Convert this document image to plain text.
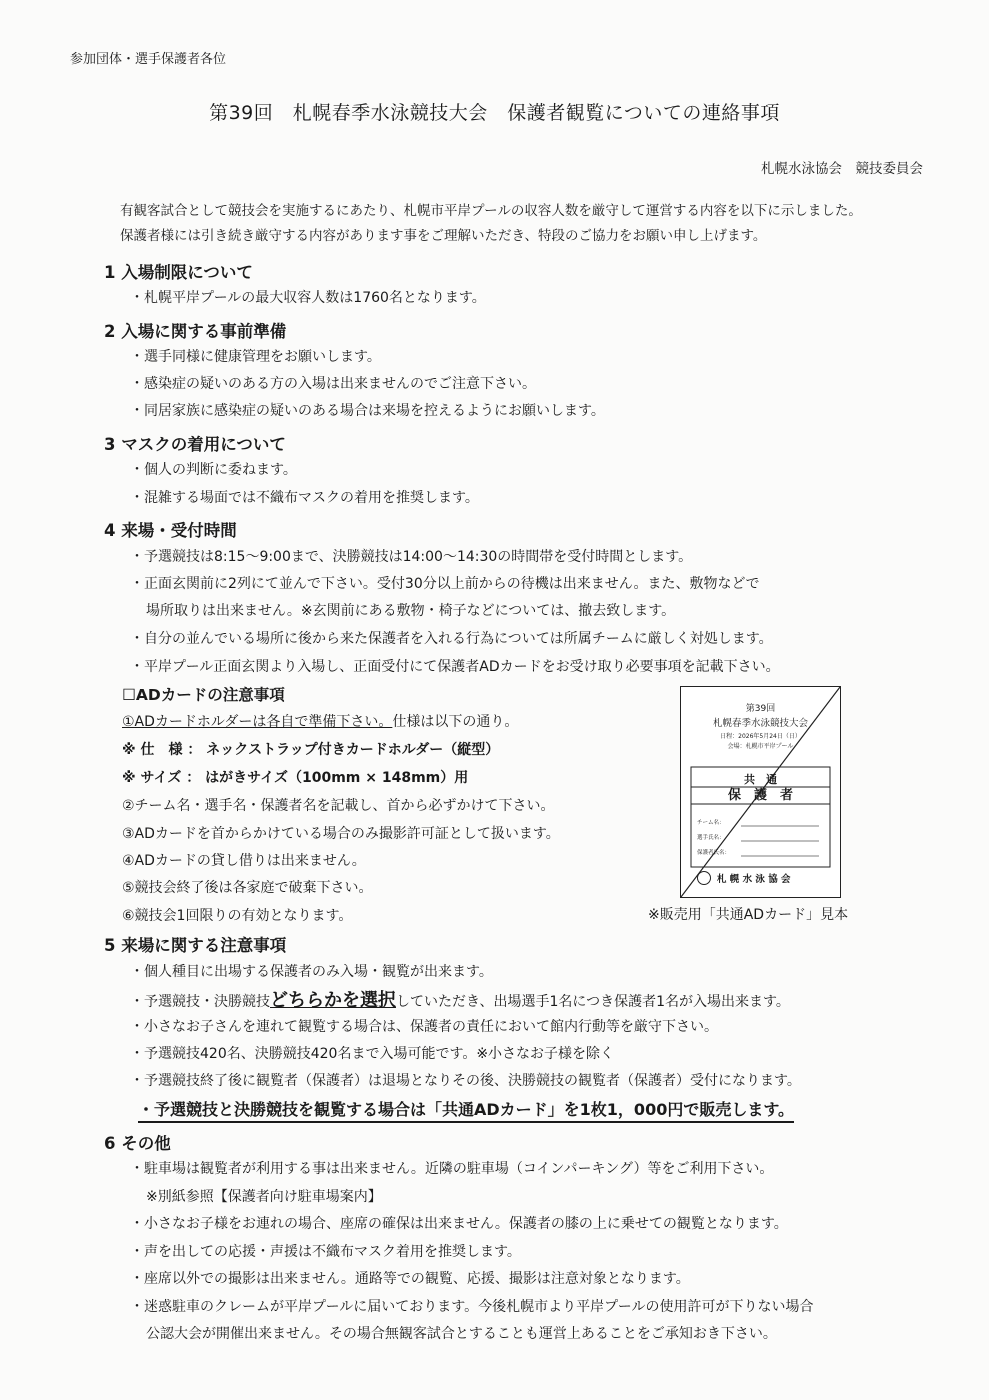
参加団体・選手保護者各位
第39回　札幌春季水泳競技大会　保護者観覧についての連絡事項
札幌水泳協会　競技委員会
有観客試合として競技会を実施するにあたり、札幌市平岸プールの収容人数を厳守して運営する内容を以下に示しました。
保護者様には引き続き厳守する内容があります事をご理解いただき、特段のご協力をお願い申し上げます。
1 入場制限について
・札幌平岸プールの最大収容人数は1760名となります。
2 入場に関する事前準備
・選手同様に健康管理をお願いします。
・感染症の疑いのある方の入場は出来ませんのでご注意下さい。
・同居家族に感染症の疑いのある場合は来場を控えるようにお願いします。
3 マスクの着用について
・個人の判断に委ねます。
・混雑する場面では不織布マスクの着用を推奨します。
4 来場・受付時間
・予選競技は8:15～9:00まで、決勝競技は14:00～14:30の時間帯を受付時間とします。
・正面玄関前に2列にて並んで下さい。受付30分以上前からの待機は出来ません。また、敷物などで
場所取りは出来ません。※玄関前にある敷物・椅子などについては、撤去致します。
・自分の並んでいる場所に後から来た保護者を入れる行為については所属チームに厳しく対処します。
・平岸プール正面玄関より入場し、正面受付にて保護者ADカードをお受け取り必要事項を記載下さい。
☐ADカードの注意事項
①ADカードホルダーは各自で準備下さい。仕様は以下の通り。
※ 仕　様 ： ネックストラップ付きカードホルダー（縦型）
※ サイズ ： はがきサイズ（100mm × 148mm）用
②チーム名・選手名・保護者名を記載し、首から必ずかけて下さい。
③ADカードを首からかけている場合のみ撮影許可証として扱います。
④ADカードの貸し借りは出来ません。
⑤競技会終了後は各家庭で破棄下さい。
⑥競技会1回限りの有効となります。
第39回
札幌春季水泳競技大会
日程：2026年5月24日（日）
会場：札幌市平岸プール
共　通
保　護　者
チーム名：
選手氏名：
保護者氏名：
札 幌 水 泳 協 会
※販売用「共通ADカード」見本
5 来場に関する注意事項
・個人種目に出場する保護者のみ入場・観覧が出来ます。
・予選競技・決勝競技どちらかを選択していただき、出場選手1名につき保護者1名が入場出来ます。
・小さなお子さんを連れて観覧する場合は、保護者の責任において館内行動等を厳守下さい。
・予選競技420名、決勝競技420名まで入場可能です。※小さなお子様を除く
・予選競技終了後に観覧者（保護者）は退場となりその後、決勝競技の観覧者（保護者）受付になります。
・予選競技と決勝競技を観覧する場合は「共通ADカード」を1枚1，000円で販売します。
6 その他
・駐車場は観覧者が利用する事は出来ません。近隣の駐車場（コインパーキング）等をご利用下さい。
※別紙参照【保護者向け駐車場案内】
・小さなお子様をお連れの場合、座席の確保は出来ません。保護者の膝の上に乗せての観覧となります。
・声を出しての応援・声援は不織布マスク着用を推奨します。
・座席以外での撮影は出来ません。通路等での観覧、応援、撮影は注意対象となります。
・迷惑駐車のクレームが平岸プールに届いております。今後札幌市より平岸プールの使用許可が下りない場合
公認大会が開催出来ません。その場合無観客試合とすることも運営上あることをご承知おき下さい。
